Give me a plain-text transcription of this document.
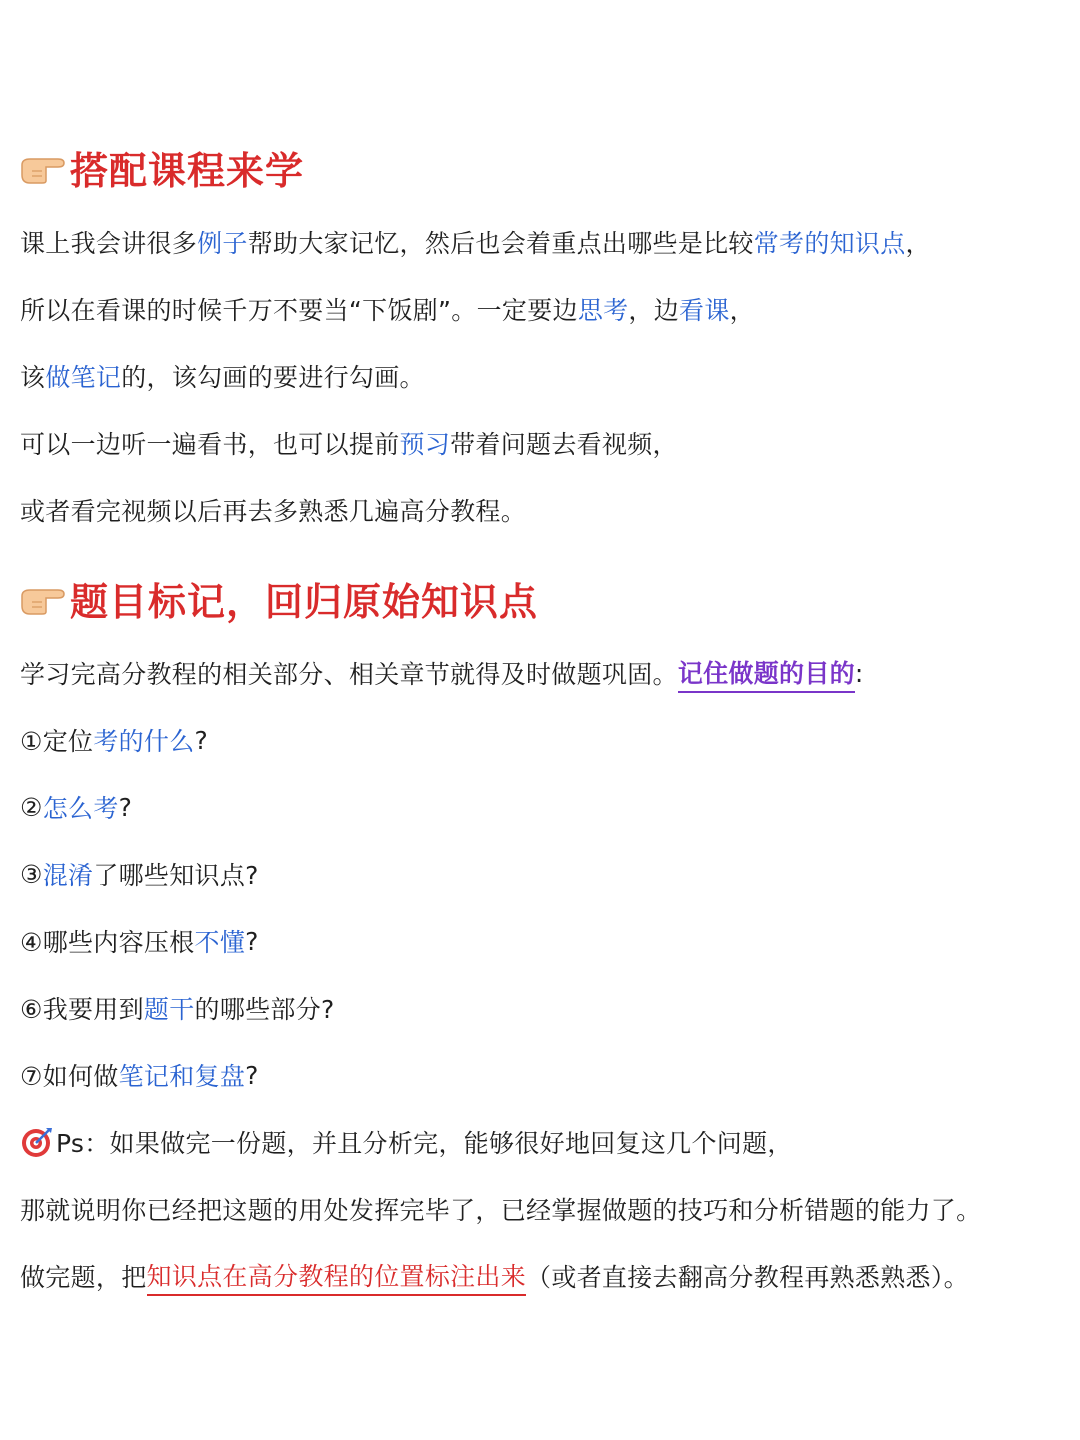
搭配课程来学
课上我会讲很多 例子 帮助大家记忆，然后也会着重点出哪些是比较 常考的知识点 ，
所以在看课的时候千万不要当“下饭剧”。一定要边 思考 ，边 看课 ，
该 做笔记 的，该勾画的要进行勾画。
可以一边听一遍看书，也可以提前 预习 带着问题去看视频，
或者看完视频以后再去多熟悉几遍高分教程。
题目标记，回归原始知识点
学习完高分教程的相关部分、相关章节就得及时做题巩固。 记住做题的目的 :
①定位 考的什么 ?
② 怎么考 ?
③ 混淆 了哪些知识点?
④哪些内容压根 不懂 ?
⑥我要用到 题干 的哪些部分?
⑦如何做 笔记和复盘 ?
Ps：如果做完一份题，并且分析完，能够很好地回复这几个问题，
那就说明你已经把这题的用处发挥完毕了，已经掌握做题的技巧和分析错题的能力了。
做完题，把 知识点在高分教程的位置标注出来 （或者直接去翻高分教程再熟悉熟悉）。
